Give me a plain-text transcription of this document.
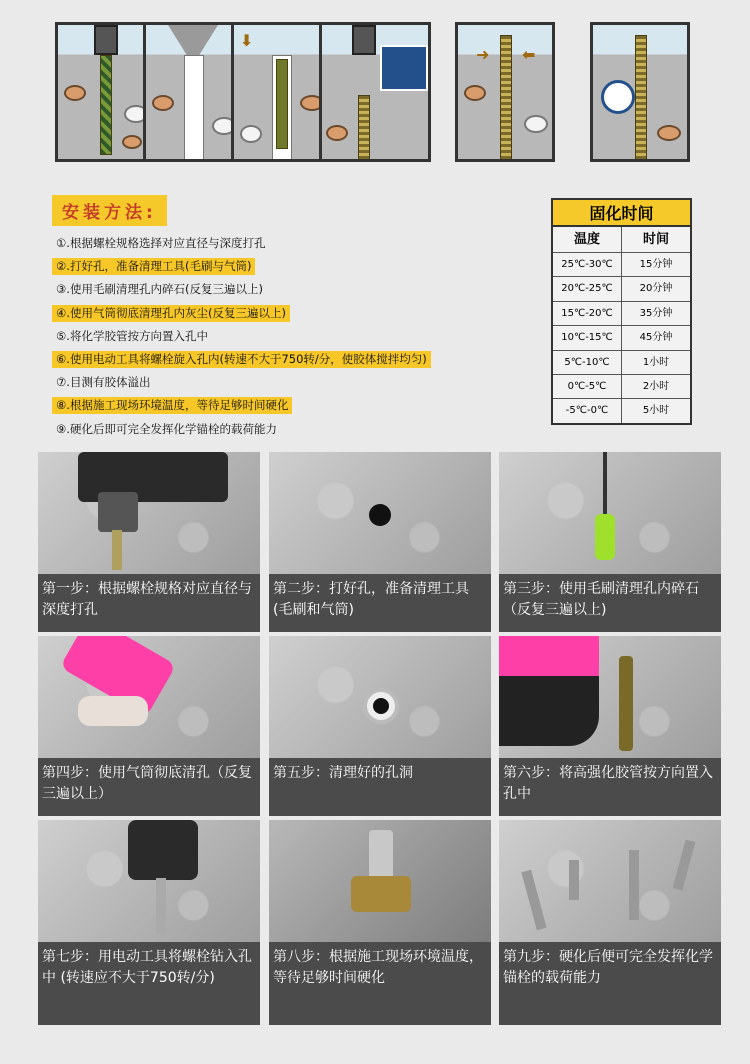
⬇
➜ ⬅
安装方法:
①.根据螺栓规格选择对应直径与深度打孔
②.打好孔，准备清理工具(毛刷与气筒)
③.使用毛刷清理孔内碎石(反复三遍以上)
④.使用气筒彻底清理孔内灰尘(反复三遍以上)
⑤.将化学胶管按方向置入孔中
⑥.使用电动工具将螺栓旋入孔内(转速不大于750转/分，使胶体搅拌均匀)
⑦.目测有胶体溢出
⑧.根据施工现场环境温度，等待足够时间硬化
⑨.硬化后即可完全发挥化学锚栓的载荷能力
固化时间
温度	时间
25℃-30℃	15分钟
20℃-25℃	20分钟
15℃-20℃	35分钟
10℃-15℃	45分钟
5℃-10℃	1小时
0℃-5℃	2小时
-5℃-0℃	5小时
第一步：根据螺栓规格对应直径与深度打孔
第二步：打好孔，准备清理工具(毛刷和气筒)
第三步：使用毛刷清理孔内碎石（反复三遍以上)
第四步：使用气筒彻底清孔（反复三遍以上）
第五步：清理好的孔洞	第六步：将高强化胶管按方向置入孔中
第七步：用电动工具将螺栓钻入孔中 (转速应不大于750转/分)
第八步：根据施工现场环境温度，等待足够时间硬化
第九步：硬化后便可完全发挥化学锚栓的载荷能力
